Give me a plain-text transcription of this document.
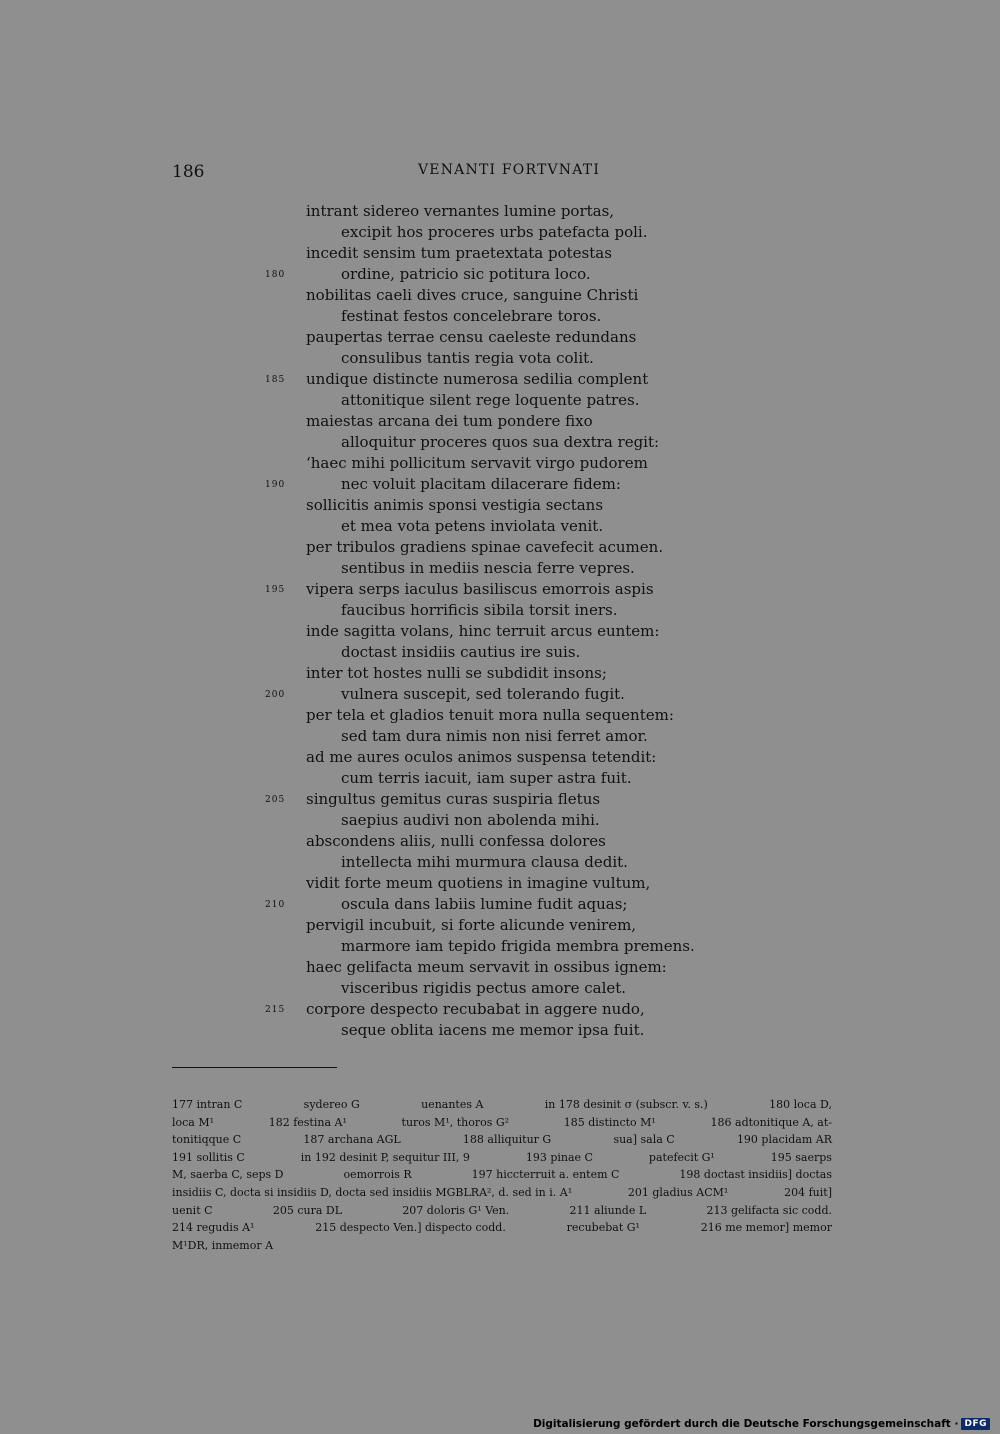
186	VENANTI FORTVNATI
intrant sidereo vernantes lumine portas,
excipit hos proceres urbs patefacta poli.
incedit sensim tum praetextata potestas
180	ordine, patricio sic potitura loco.
nobilitas caeli dives cruce, sanguine Christi
festinat festos concelebrare toros.
paupertas terrae censu caeleste redundans
consulibus tantis regia vota colit.
185 undique distincte numerosa sedilia complent
attonitique silent rege loquente patres.
maiestas arcana dei tum pondere fixo
alloquitur proceres quos sua dextra regit:
‘haec mihi pollicitum servavit virgo pudorem
190	nec voluit placitam dilacerare fidem:
sollicitis animis sponsi vestigia sectans
et mea vota petens inviolata venit.
per tribulos gradiens spinae cavefecit acumen.
sentibus in mediis nescia ferre vepres.
195 vipera serps iaculus basiliscus emorrois aspis
faucibus horrificis sibila torsit iners.
inde sagitta volans, hinc terruit arcus euntem:
doctast insidiis cautius ire suis.
inter tot hostes nulli se subdidit insons;
200	vulnera suscepit, sed tolerando fugit.
per tela et gladios tenuit mora nulla sequentem:
sed tam dura nimis non nisi ferret amor.
ad me aures oculos animos suspensa tetendit:
cum terris iacuit, iam super astra fuit.
205 singultus gemitus curas suspiria fletus
saepius audivi non abolenda mihi.
abscondens aliis, nulli confessa dolores
intellecta mihi murmura clausa dedit.
vidit forte meum quotiens in imagine vultum,
210	oscula dans labiis lumine fudit aquas;
pervigil incubuit, si forte alicunde venirem,
marmore iam tepido frigida membra premens.
haec gelifacta meum servavit in ossibus ignem:
visceribus rigidis pectus amore calet.
215 corpore despecto recubabat in aggere nudo,
seque oblita iacens me memor ipsa fuit.
177 intran C	sydereo G	uenantes A	in 178 desinit σ (subscr. v. s.)	180 loca D,
loca M¹	182 festina A¹	turos M¹, thoros G²	185 distincto M¹	186 adtonitique A, at-
tonitiqque C	187 archana AGL	188 alliquitur G	sua] sala C	190 placidam AR
191 sollitis C	in 192 desinit P, sequitur III, 9	193 pinae C	patefecit G¹	195 saerps
M, saerba C, seps D	oemorrois R	197 hiccterruit a. entem C	198 doctast insidiis] doctas
insidiis C, docta si insidiis D, docta sed insidiis MGBLRA², d. sed in i. A¹	201 gladius ACM¹	204 fuit]
uenit C	205 cura DL	207 doloris G¹ Ven.	211 aliunde L	213 gelifacta sic codd.
214 regudis A¹	215 despecto Ven.] dispecto codd.	recubebat G¹	216 me memor] memor
M¹DR, inmemor A
Digitalisierung gefördert durch die Deutsche Forschungsgemeinschaft · DFG
